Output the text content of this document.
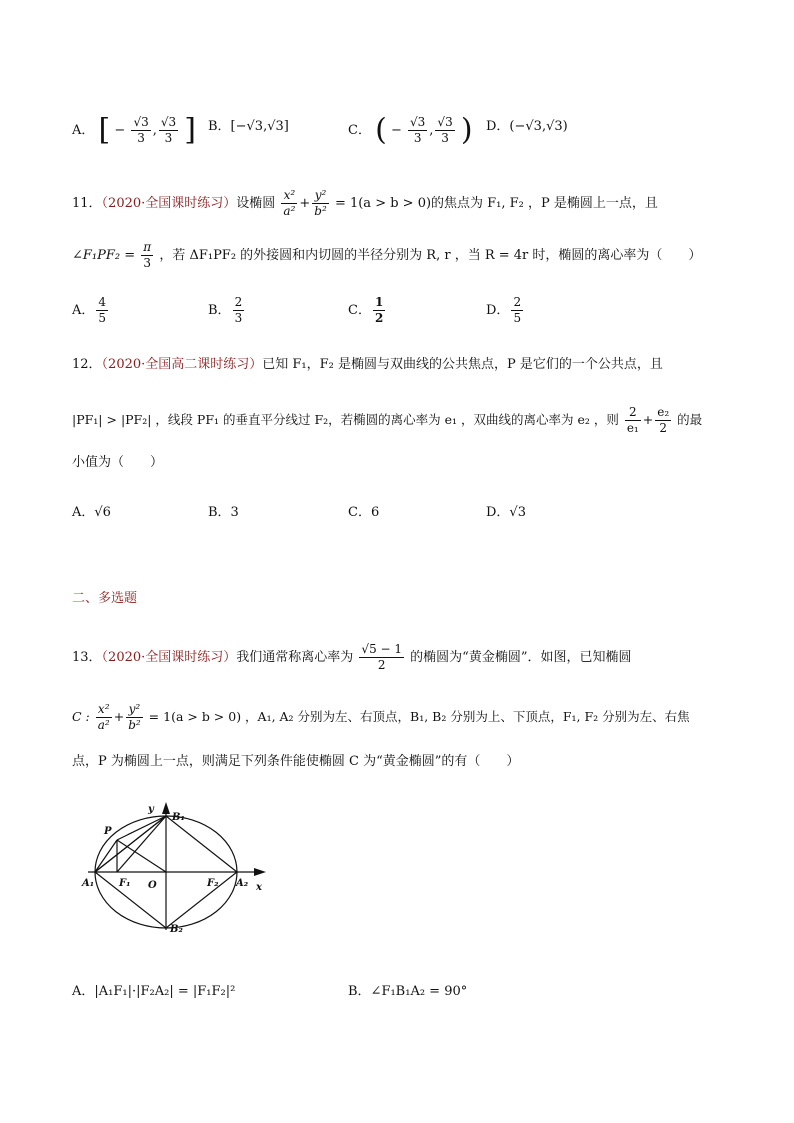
A． [ − $\frac{√3}{3}$ , $\frac{√3}{3}$ ] B．[−√3,√3]	C． ( − $\frac{√3}{3}$ , $\frac{√3}{3}$ ) D．(−√3,√3)
11．（2020·全国课时练习）设椭圆 $\frac{\text{x²}}{\text{a²}} + \frac{\text{y²}}{\text{b²}} = 1(a > b > 0)$的焦点为 F₁, F₂ ，P 是椭圆上一点，且
∠F₁PF₂ = $\frac{\pi}{3}$ ，若 ΔF₁PF₂ 的外接圆和内切圆的半径分别为 R, r ，当 R = 4r 时，椭圆的离心率为（　　）
A． $\frac{4}{5}$	B． $\frac{2}{3}$	C． $\frac{1}{2}$	D． $\frac{2}{5}$
12．（2020·全国高二课时练习）已知 F₁，F₂ 是椭圆与双曲线的公共焦点，P 是它们的一个公共点，且
|PF₁| > |PF₂| ，线段 PF₁ 的垂直平分线过 F₂，若椭圆的离心率为 e₁ ，双曲线的离心率为 e₂ ，则 $\frac{2}{\text{e₁}} + \frac{\text{e₂}}{2}$ 的最
小值为（　　）
A．√6	B．3	C．6	D．√3
二、多选题
13．（2020·全国课时练习）我们通常称离心率为 $\frac{√5 - 1}{2}$ 的椭圆为“黄金椭圆”．如图，已知椭圆
C : $\frac{\text{x²}}{\text{a²}} + \frac{\text{y²}}{\text{b²}} = 1(a > b > 0)$ ，A₁, A₂ 分别为左、右顶点，B₁, B₂ 分别为上、下顶点，F₁, F₂ 分别为左、右焦
点，P 为椭圆上一点，则满足下列条件能使椭圆 C 为“黄金椭圆”的有（　　）
y
B₁
P
A₁ F₁ O	F₂ A₂ x
B₂
A．|A₁F₁|·|F₂A₂| = |F₁F₂|²	B．∠F₁B₁A₂ = 90°
